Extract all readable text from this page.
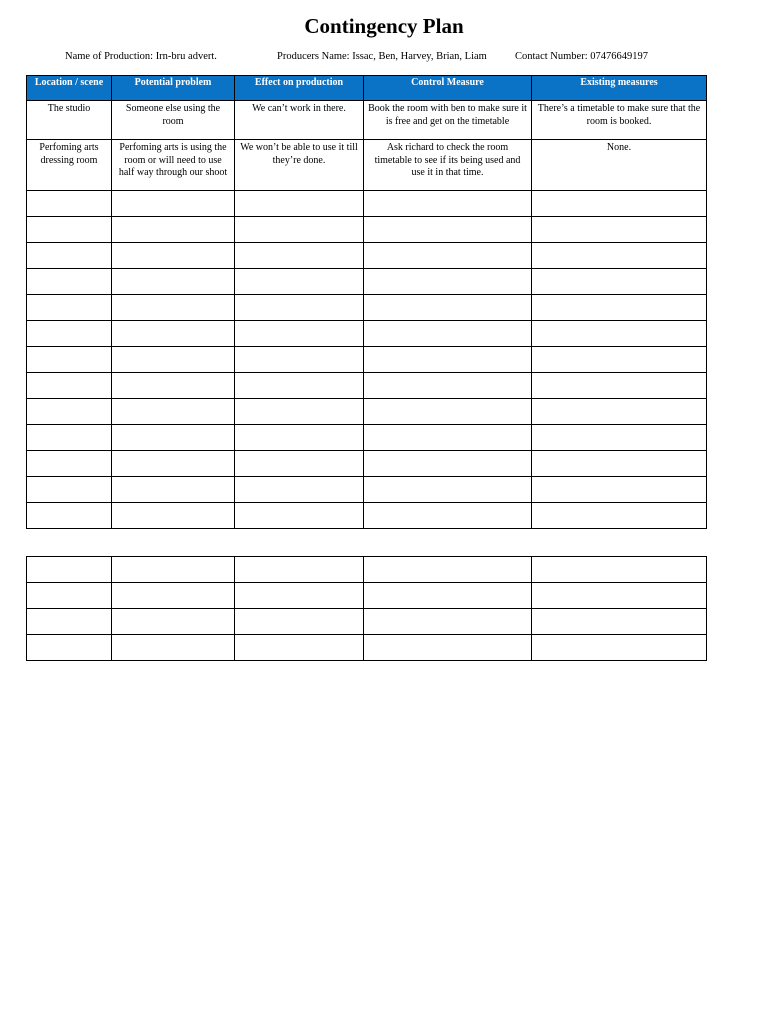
Contingency Plan
Name of Production: Irn-bru advert.	Producers Name: Issac, Ben, Harvey, Brian, Liam	Contact Number: 07476649197
Location / scene	Potential problem	Effect on production	Control Measure	Existing measures
The studio	Someone else using the room	We can’t work in there.	Book the room with ben to make sure it is free and get on the timetable	There’s a timetable to make sure that the room is booked.
Perfoming arts dressing room	Perfoming arts is using the room or will need to use half way through our shoot	We won’t be able to use it till they’re done.	Ask richard to check the room timetable to see if its being used and use it in that time.	None.
